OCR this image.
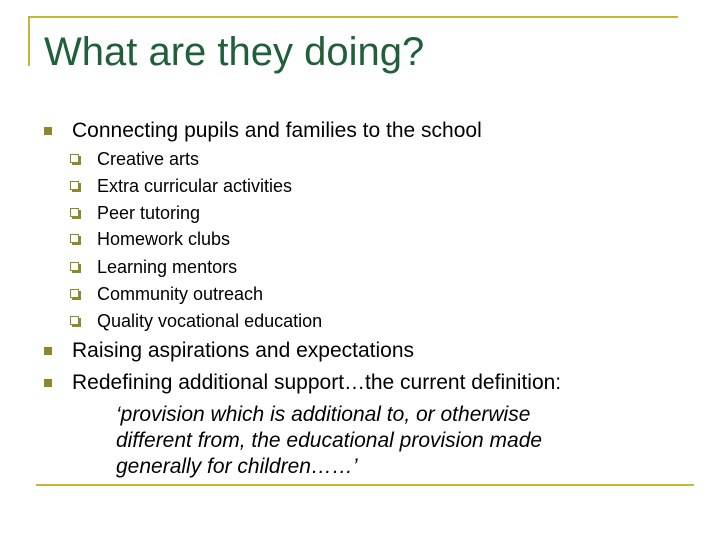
What are they doing?
Connecting pupils and families to the school
Creative arts
Extra curricular activities
Peer tutoring
Homework clubs
Learning mentors
Community outreach
Quality vocational education
Raising aspirations and expectations
Redefining additional support…the current definition:
‘provision which is additional to, or otherwise
different from, the educational provision made
generally for children……’
